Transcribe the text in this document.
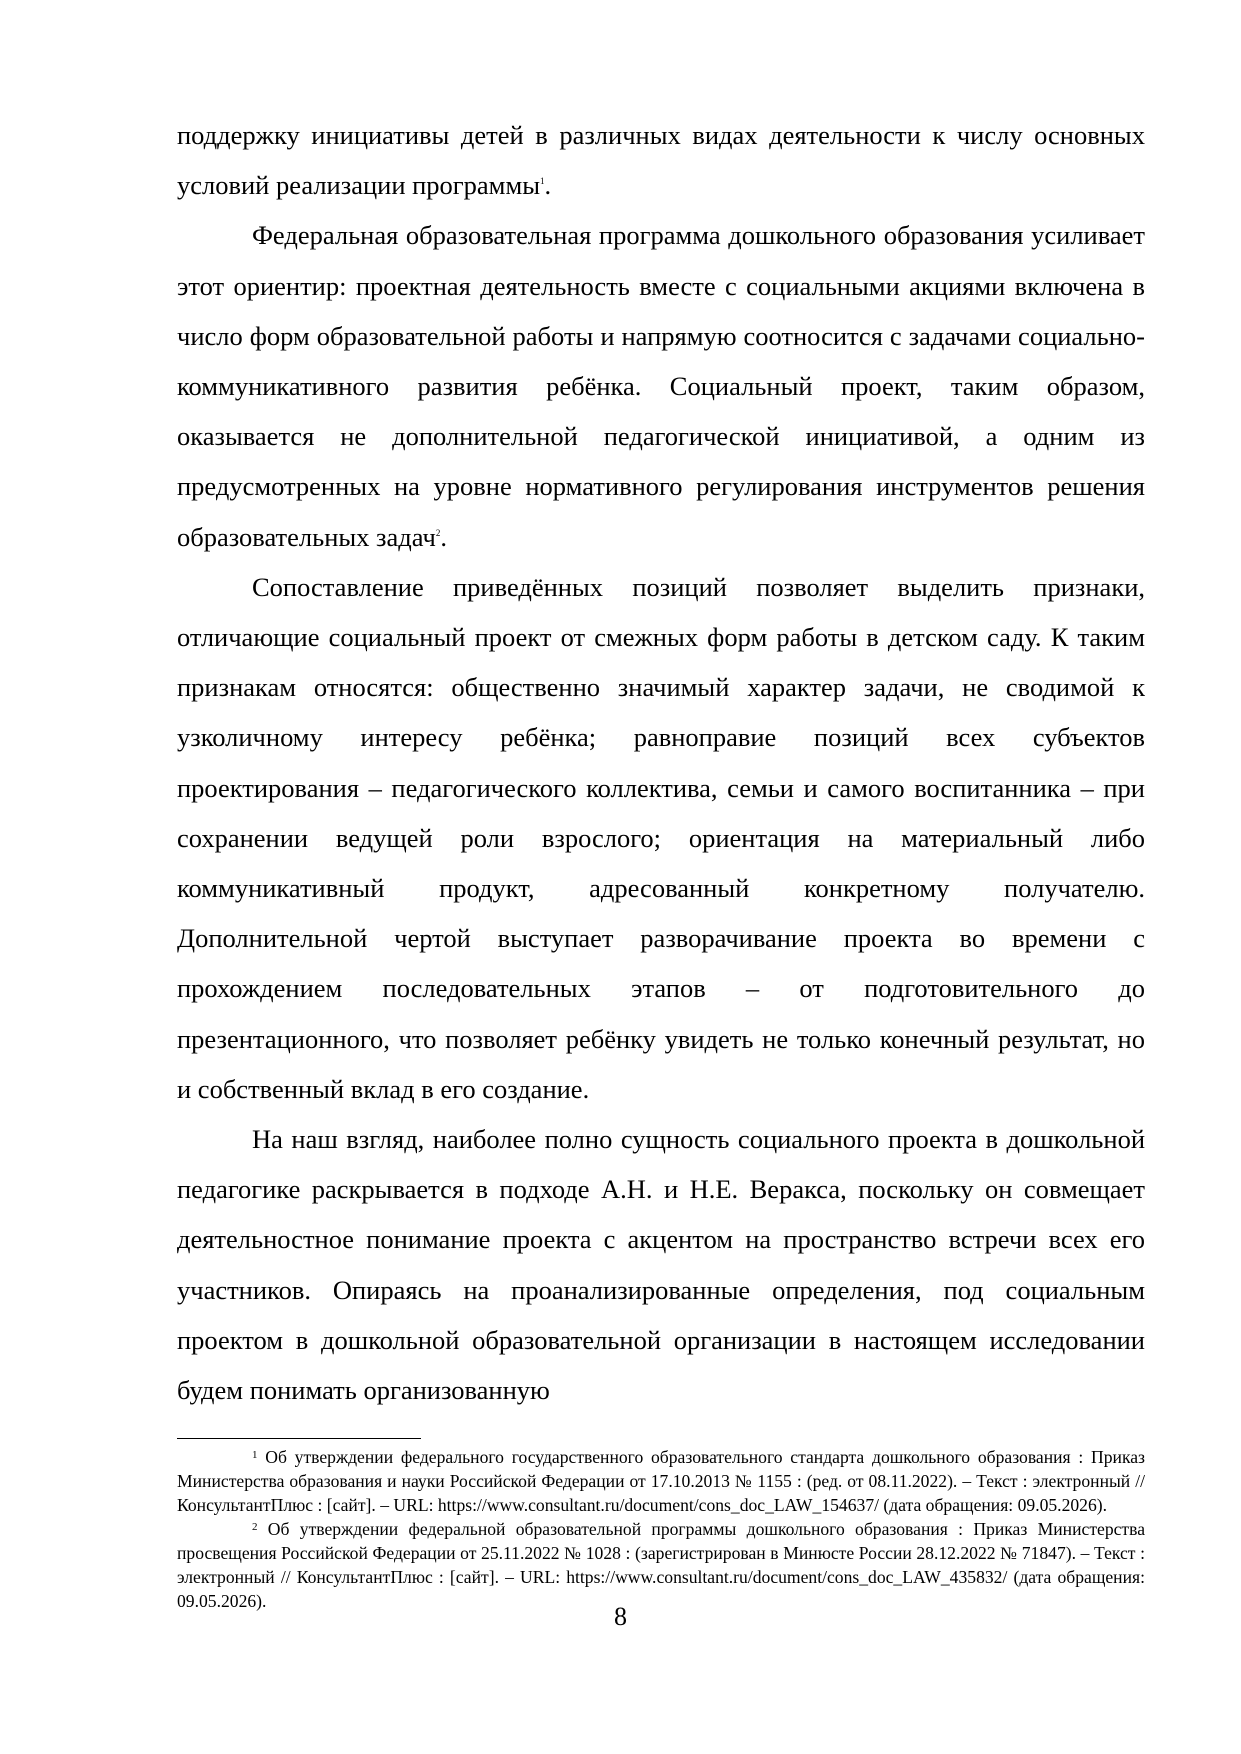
поддержку инициативы детей в различных видах деятельности к числу основных условий реализации программы$^1$.

Федеральная образовательная программа дошкольного образования усиливает этот ориентир: проектная деятельность вместе с социальными акциями включена в число форм образовательной работы и напрямую соотносится с задачами социально-коммуникативного развития ребёнка. Социальный проект, таким образом, оказывается не дополнительной педагогической инициативой, а одним из предусмотренных на уровне нормативного регулирования инструментов решения образовательных задач$^2$.

Сопоставление приведённых позиций позволяет выделить признаки, отличающие социальный проект от смежных форм работы в детском саду. К таким признакам относятся: общественно значимый характер задачи, не сводимой к узколичному интересу ребёнка; равноправие позиций всех субъектов проектирования – педагогического коллектива, семьи и самого воспитанника – при сохранении ведущей роли взрослого; ориентация на материальный либо коммуникативный продукт, адресованный конкретному получателю. Дополнительной чертой выступает разворачивание проекта во времени с прохождением последовательных этапов – от подготовительного до презентационного, что позволяет ребёнку увидеть не только конечный результат, но и собственный вклад в его создание.

На наш взгляд, наиболее полно сущность социального проекта в дошкольной педагогике раскрывается в подходе А.Н. и Н.Е. Веракса, поскольку он совмещает деятельностное понимание проекта с акцентом на пространство встречи всех его участников. Опираясь на проанализированные определения, под социальным проектом в дошкольной образовательной организации в настоящем исследовании будем понимать организованную

$^1$ Об утверждении федерального государственного образовательного стандарта дошкольного образования : Приказ Министерства образования и науки Российской Федерации от 17.10.2013 № 1155 : (ред. от 08.11.2022). – Текст : электронный // КонсультантПлюс : [сайт]. – URL: https://www.consultant.ru/document/cons_doc_LAW_154637/ (дата обращения: 09.05.2026).

$^2$ Об утверждении федеральной образовательной программы дошкольного образования : Приказ Министерства просвещения Российской Федерации от 25.11.2022 № 1028 : (зарегистрирован в Минюсте России 28.12.2022 № 71847). – Текст : электронный // КонсультантПлюс : [сайт]. – URL: https://www.consultant.ru/document/cons_doc_LAW_435832/ (дата обращения: 09.05.2026).

8
